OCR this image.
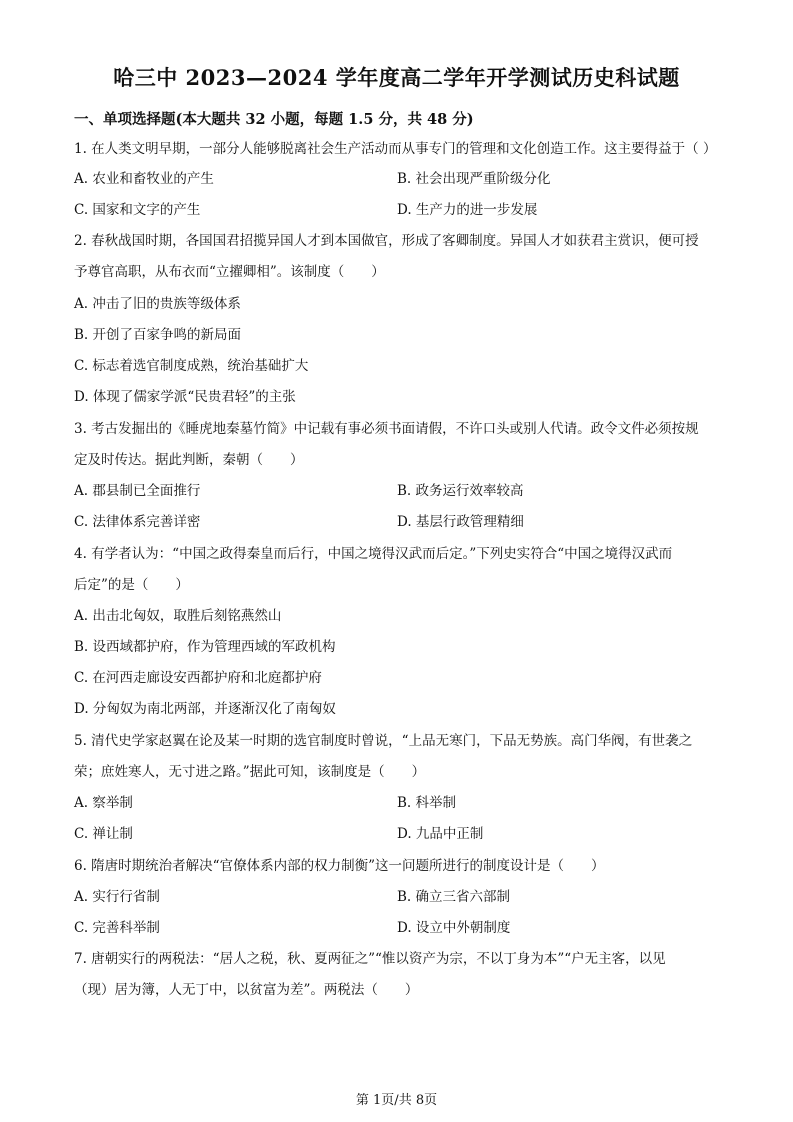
哈三中 2023—2024 学年度高二学年开学测试历史科试题
一、单项选择题(本大题共 32 小题，每题 1.5 分，共 48 分)
1. 在人类文明早期，一部分人能够脱离社会生产活动而从事专门的管理和文化创造工作。这主要得益于（ ）
A. 农业和畜牧业的产生	B. 社会出现严重阶级分化
C. 国家和文字的产生	D. 生产力的进一步发展
2. 春秋战国时期，各国国君招揽异国人才到本国做官，形成了客卿制度。异国人才如获君主赏识，便可授
予尊官高职，从布衣而“立擢卿相”。该制度（　　）
A. 冲击了旧的贵族等级体系
B. 开创了百家争鸣的新局面
C. 标志着选官制度成熟，统治基础扩大
D. 体现了儒家学派“民贵君轻”的主张
3. 考古发掘出的《睡虎地秦墓竹简》中记载有事必须书面请假，不许口头或别人代请。政令文件必须按规
定及时传达。据此判断，秦朝（　　）
A. 郡县制已全面推行	B. 政务运行效率较高
C. 法律体系完善详密	D. 基层行政管理精细
4. 有学者认为：“中国之政得秦皇而后行，中国之境得汉武而后定。”下列史实符合“中国之境得汉武而
后定”的是（　　）
A. 出击北匈奴，取胜后刻铭燕然山
B. 设西域都护府，作为管理西域的军政机构
C. 在河西走廊设安西都护府和北庭都护府
D. 分匈奴为南北两部，并逐渐汉化了南匈奴
5. 清代史学家赵翼在论及某一时期的选官制度时曾说，“上品无寒门，下品无势族。高门华阀，有世袭之
荣；庶姓寒人，无寸进之路。”据此可知，该制度是（　　）
A. 察举制	B. 科举制
C. 禅让制	D. 九品中正制
6. 隋唐时期统治者解决“官僚体系内部的权力制衡”这一问题所进行的制度设计是（　　）
A. 实行行省制	B. 确立三省六部制
C. 完善科举制	D. 设立中外朝制度
7. 唐朝实行的两税法：“居人之税，秋、夏两征之”“惟以资产为宗，不以丁身为本”“户无主客，以见
（现）居为簿，人无丁中，以贫富为差”。两税法（　　）
第 1页/共 8页
